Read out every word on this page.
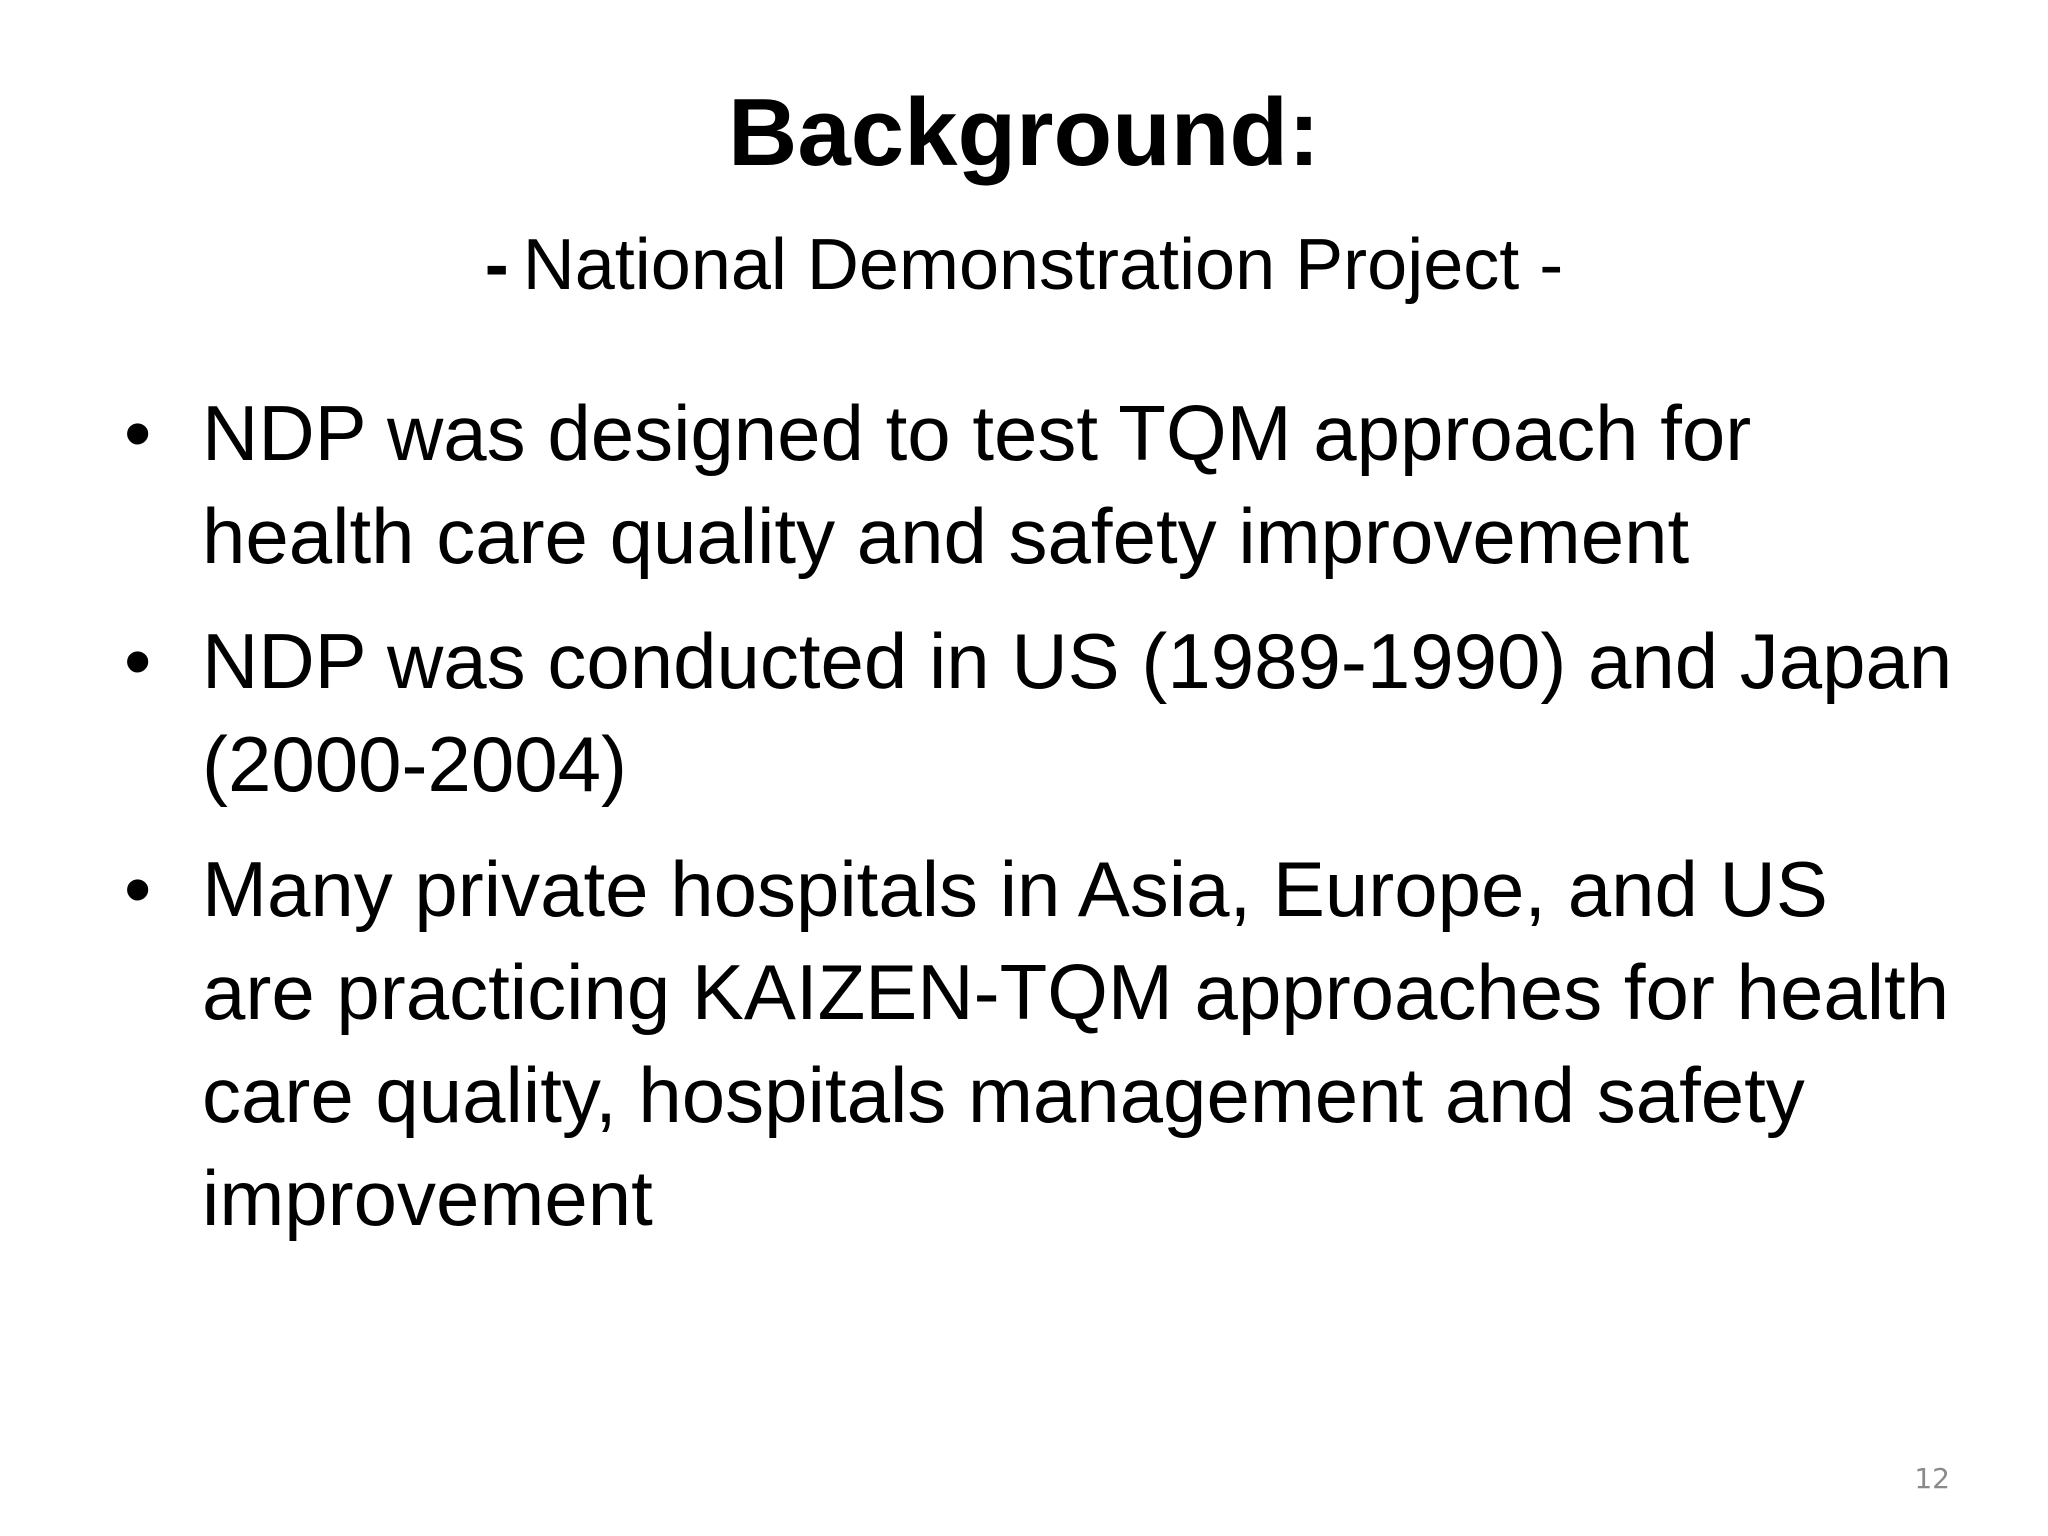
Background:
- National Demonstration Project -
• NDP was designed to test TQM approach for health care quality and safety improvement
• NDP was conducted in US (1989-1990) and Japan (2000-2004)
• Many private hospitals in Asia, Europe, and US are practicing KAIZEN-TQM approaches for health care quality, hospitals management and safety improvement
12
